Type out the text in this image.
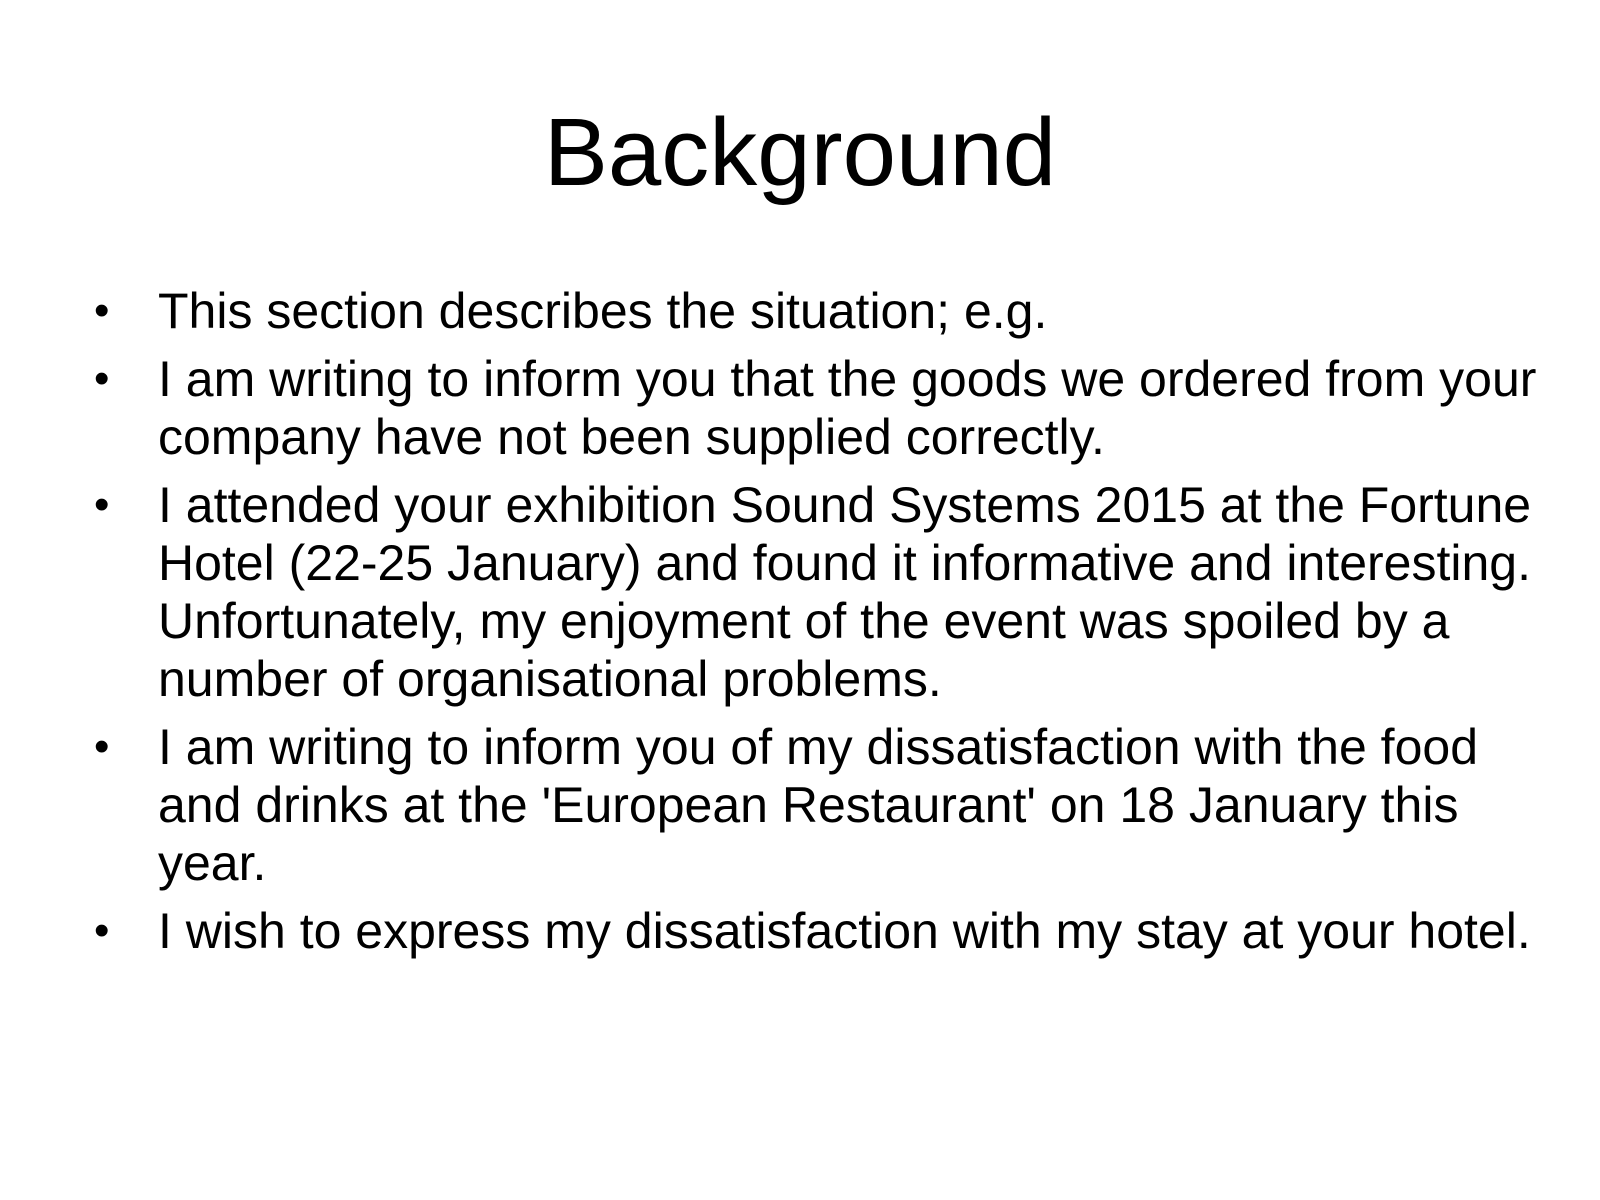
Background
• This section describes the situation; e.g.
• I am writing to inform you that the goods we ordered from your company have not been supplied correctly.
• I attended your exhibition Sound Systems 2015 at the Fortune Hotel (22-25 January) and found it informative and interesting. Unfortunately, my enjoyment of the event was spoiled by a number of organisational problems.
• I am writing to inform you of my dissatisfaction with the food and drinks at the 'European Restaurant' on 18 January this year.
• I wish to express my dissatisfaction with my stay at your hotel.
